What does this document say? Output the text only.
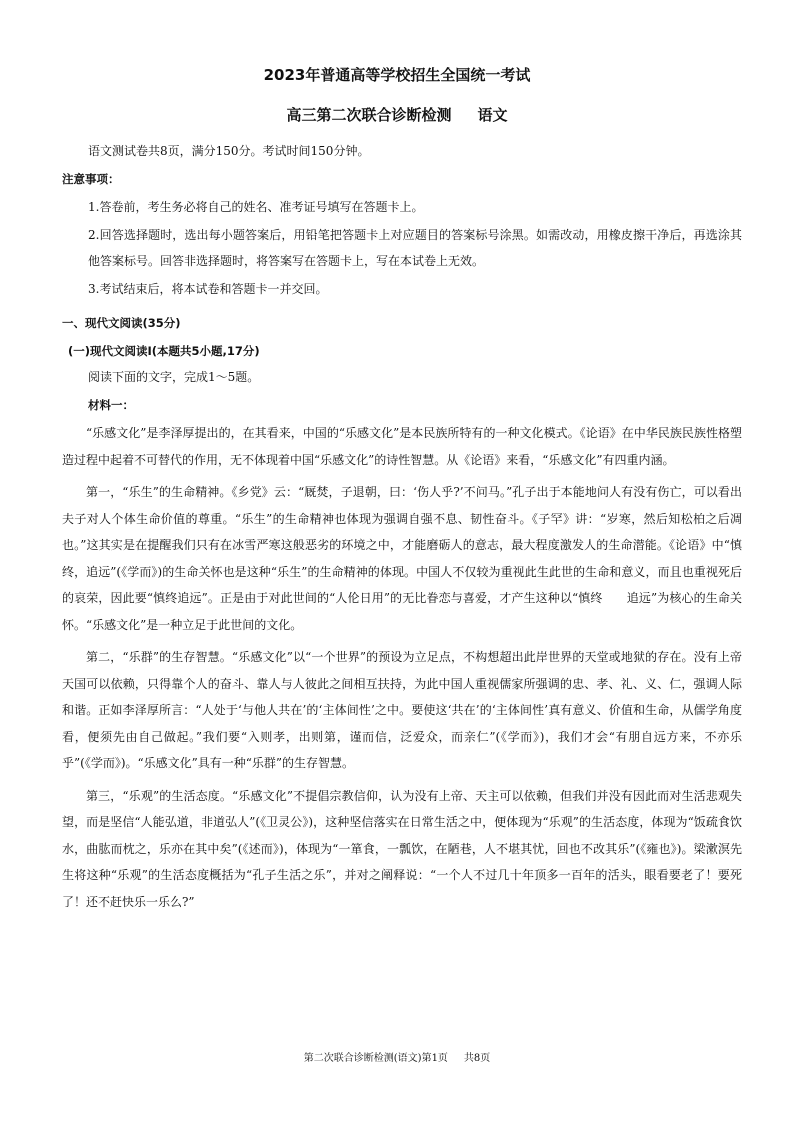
2023年普通高等学校招生全国统一考试
高三第二次联合诊断检测 语文

语文测试卷共8页，满分150分。考试时间150分钟。

注意事项：

1.答卷前，考生务必将自己的姓名、准考证号填写在答题卡上。

2.回答选择题时，选出每小题答案后，用铅笔把答题卡上对应题目的答案标号涂黑。如需改动，用橡皮擦干净后，再选涂其他答案标号。回答非选择题时，将答案写在答题卡上，写在本试卷上无效。

3.考试结束后，将本试卷和答题卡一并交回。

一、现代文阅读(35分)

(一)现代文阅读Ⅰ(本题共5小题,17分)

阅读下面的文字，完成1～5题。

材料一：

“乐感文化”是李泽厚提出的，在其看来，中国的“乐感文化”是本民族所特有的一种文化模式。《论语》在中华民族民族性格塑造过程中起着不可替代的作用，无不体现着中国“乐感文化”的诗性智慧。从《论语》来看，“乐感文化”有四重内涵。

第一，“乐生”的生命精神。《乡党》云：“厩焚，子退朝，曰：‘伤人乎?’不问马。”孔子出于本能地问人有没有伤亡，可以看出夫子对人个体生命价值的尊重。“乐生”的生命精神也体现为强调自强不息、韧性奋斗。《子罕》讲：“岁寒，然后知松柏之后凋也。”这其实是在提醒我们只有在冰雪严寒这般恶劣的环境之中，才能磨砺人的意志，最大程度激发人的生命潜能。《论语》中“慎终，追远”(《学而》)的生命关怀也是这种“乐生”的生命精神的体现。中国人不仅较为重视此生此世的生命和意义，而且也重视死后的哀荣，因此要“慎终追远”。正是由于对此世间的“人伦日用”的无比眷恋与喜爱，才产生这种以“慎终　　追远”为核心的生命关怀。“乐感文化”是一种立足于此世间的文化。

第二，“乐群”的生存智慧。“乐感文化”以“一个世界”的预设为立足点，不构想超出此岸世界的天堂或地狱的存在。没有上帝天国可以依赖，只得靠个人的奋斗、靠人与人彼此之间相互扶持，为此中国人重视儒家所强调的忠、孝、礼、义、仁，强调人际和谐。正如李泽厚所言：“人处于‘与他人共在’的‘主体间性’之中。要使这‘共在’的‘主体间性’真有意义、价值和生命，从儒学角度看，便须先由自己做起。”我们要“入则孝，出则第，谨而信，泛爱众，而亲仁”(《学而》)，我们才会“有朋自远方来，不亦乐乎”(《学而》)。“乐感文化”具有一种“乐群”的生存智慧。

第三，“乐观”的生活态度。“乐感文化”不提倡宗教信仰，认为没有上帝、天主可以依赖，但我们并没有因此而对生活悲观失望，而是坚信“人能弘道，非道弘人”(《卫灵公》)，这种坚信落实在日常生活之中，便体现为“乐观”的生活态度，体现为“饭疏食饮水，曲肱而枕之，乐亦在其中矣”(《述而》)，体现为“一箪食，一瓢饮，在陋巷，人不堪其忧，回也不改其乐”(《雍也》)。梁漱溟先生将这种“乐观”的生活态度概括为“孔子生活之乐”，并对之阐释说：“一个人不过几十年顶多一百年的活头，眼看要老了！要死了！还不赶快乐一乐么?”

第二次联合诊断检测(语文)第1页 共8页
